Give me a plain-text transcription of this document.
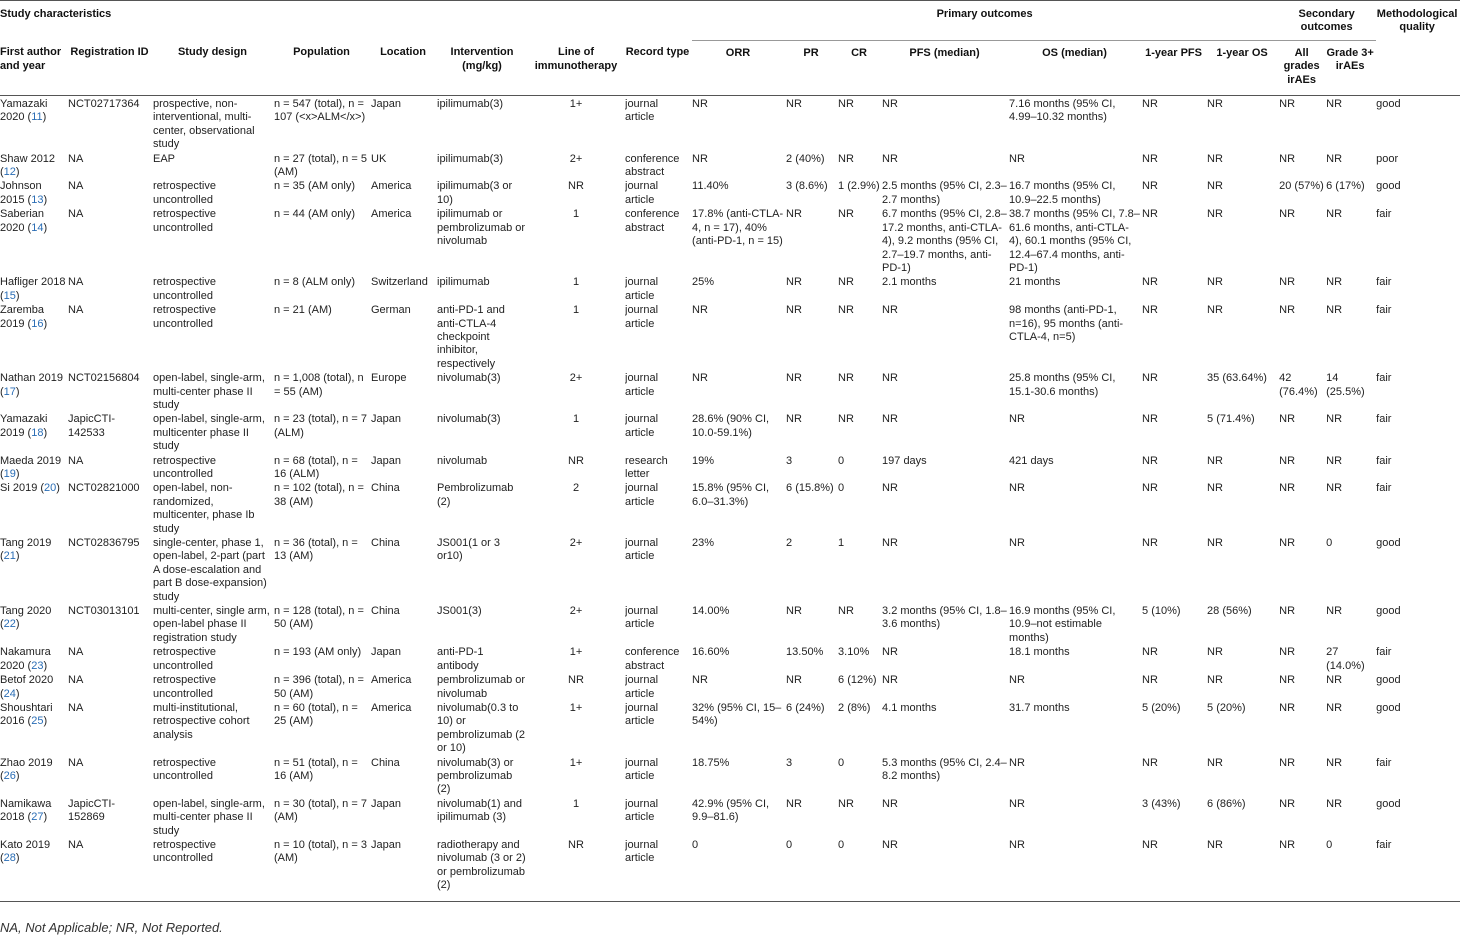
Study characteristics								Primary outcomes							Secondary outcomes		Methodological quality
First author and year	Registration ID	Study design	Population	Location	Intervention (mg/kg)	Line of immunotherapy	Record type	ORR	PR	CR	PFS (median)	OS (median)	1-year PFS	1-year OS	All grades irAEs	Grade 3+ irAEs	
Yamazaki 2020 (11)	NCT02717364	prospective, non-interventional, multi-center, observational study	n = 547 (total), n = 107 (<x>ALM</x>)	Japan	ipilimumab(3)	1+	journal article	NR	NR	NR	NR	7.16 months (95% CI, 4.99–10.32 months)	NR	NR	NR	NR	good
Shaw 2012 (12)	NA	EAP	n = 27 (total), n = 5 (AM)	UK	ipilimumab(3)	2+	conference abstract	NR	2 (40%)	NR	NR	NR	NR	NR	NR	NR	poor
Johnson 2015 (13)	NA	retrospective uncontrolled	n = 35 (AM only)	America	ipilimumab(3 or 10)	NR	journal article	11.40%	3 (8.6%)	1 (2.9%)	2.5 months (95% CI, 2.3–2.7 months)	16.7 months (95% CI, 10.9–22.5 months)	NR	NR	20 (57%)	6 (17%)	good
Saberian 2020 (14)	NA	retrospective uncontrolled	n = 44 (AM only)	America	ipilimumab or pembrolizumab or nivolumab	1	conference abstract	17.8% (anti-CTLA-4, n = 17), 40% (anti-PD-1, n = 15)	NR	NR	6.7 months (95% CI, 2.8–17.2 months, anti-CTLA-4), 9.2 months (95% CI, 2.7–19.7 months, anti-PD-1)	38.7 months (95% CI, 7.8–61.6 months, anti-CTLA-4), 60.1 months (95% CI, 12.4–67.4 months, anti-PD-1)	NR	NR	NR	NR	fair
Hafliger 2018 (15)	NA	retrospective uncontrolled	n = 8 (ALM only)	Switzerland	ipilimumab	1	journal article	25%	NR	NR	2.1 months	21 months	NR	NR	NR	NR	fair
Zaremba 2019 (16)	NA	retrospective uncontrolled	n = 21 (AM)	German	anti-PD-1 and anti-CTLA-4 checkpoint inhibitor, respectively	1	journal article	NR	NR	NR	NR	98 months (anti-PD-1, n=16), 95 months (anti-CTLA-4, n=5)	NR	NR	NR	NR	fair
Nathan 2019 (17)	NCT02156804	open-label, single-arm, multi-center phase II study	n = 1,008 (total), n = 55 (AM)	Europe	nivolumab(3)	2+	journal article	NR	NR	NR	NR	25.8 months (95% CI, 15.1-30.6 months)	NR	35 (63.64%)	42 (76.4%)	14 (25.5%)	fair
Yamazaki 2019 (18)	JapicCTI-142533	open-label, single-arm, multicenter phase II study	n = 23 (total), n = 7 (ALM)	Japan	nivolumab(3)	1	journal article	28.6% (90% CI, 10.0-59.1%)	NR	NR	NR	NR	NR	5 (71.4%)	NR	NR	fair
Maeda 2019 (19)	NA	retrospective uncontrolled	n = 68 (total), n = 16 (ALM)	Japan	nivolumab	NR	research letter	19%	3	0	197 days	421 days	NR	NR	NR	NR	fair
Si 2019 (20)	NCT02821000	open-label, non-randomized, multicenter, phase Ib study	n = 102 (total), n = 38 (AM)	China	Pembrolizumab (2)	2	journal article	15.8% (95% CI, 6.0–31.3%)	6 (15.8%)	0	NR	NR	NR	NR	NR	NR	fair
Tang 2019 (21)	NCT02836795	single-center, phase 1, open-label, 2-part (part A dose-escalation and part B dose-expansion) study	n = 36 (total), n = 13 (AM)	China	JS001(1 or 3 or10)	2+	journal article	23%	2	1	NR	NR	NR	NR	NR	0	good
Tang 2020 (22)	NCT03013101	multi-center, single arm, open-label phase II registration study	n = 128 (total), n = 50 (AM)	China	JS001(3)	2+	journal article	14.00%	NR	NR	3.2 months (95% CI, 1.8–3.6 months)	16.9 months (95% CI, 10.9–not estimable months)	5 (10%)	28 (56%)	NR	NR	good
Nakamura 2020 (23)	NA	retrospective uncontrolled	n = 193 (AM only)	Japan	anti-PD-1 antibody	1+	conference abstract	16.60%	13.50%	3.10%	NR	18.1 months	NR	NR	NR	27 (14.0%)	fair
Betof 2020 (24)	NA	retrospective uncontrolled	n = 396 (total), n = 50 (AM)	America	pembrolizumab or nivolumab	NR	journal article	NR	NR	6 (12%)	NR	NR	NR	NR	NR	NR	good
Shoushtari 2016 (25)	NA	multi-institutional, retrospective cohort analysis	n = 60 (total), n = 25 (AM)	America	nivolumab(0.3 to 10) or pembrolizumab (2 or 10)	1+	journal article	32% (95% CI, 15–54%)	6 (24%)	2 (8%)	4.1 months	31.7 months	5 (20%)	5 (20%)	NR	NR	good
Zhao 2019 (26)	NA	retrospective uncontrolled	n = 51 (total), n = 16 (AM)	China	nivolumab(3) or pembrolizumab (2)	1+	journal article	18.75%	3	0	5.3 months (95% CI, 2.4–8.2 months)	NR	NR	NR	NR	NR	fair
Namikawa 2018 (27)	JapicCTI-152869	open-label, single-arm, multi-center phase II study	n = 30 (total), n = 7 (AM)	Japan	nivolumab(1) and ipilimumab (3)	1	journal article	42.9% (95% CI, 9.9–81.6)	NR	NR	NR	NR	3 (43%)	6 (86%)	NR	NR	good
Kato 2019 (28)	NA	retrospective uncontrolled	n = 10 (total), n = 3 (AM)	Japan	radiotherapy and nivolumab (3 or 2) or pembrolizumab (2)	NR	journal article	0	0	0	NR	NR	NR	NR	NR	0	fair
NA, Not Applicable; NR, Not Reported.
